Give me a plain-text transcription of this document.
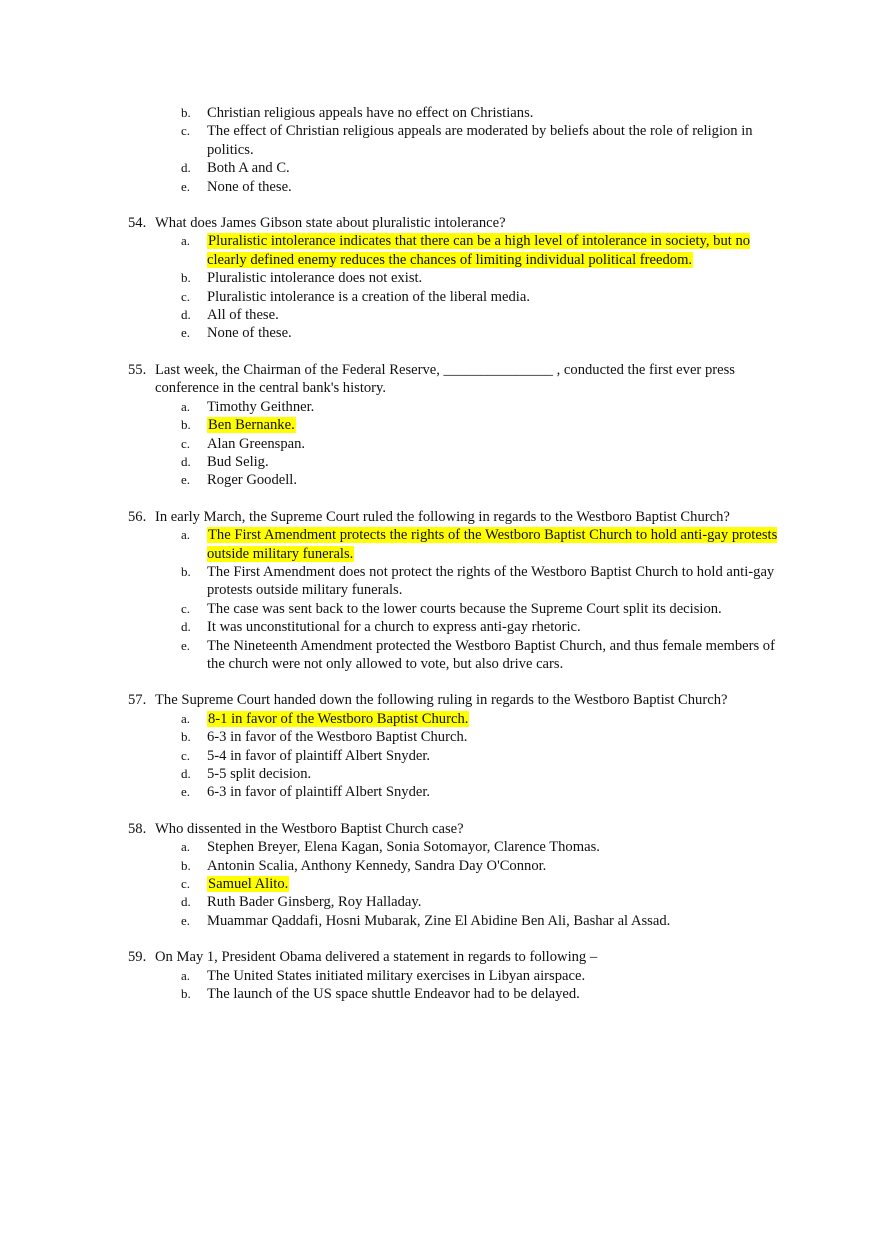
b. Christian religious appeals have no effect on Christians.
c. The effect of Christian religious appeals are moderated by beliefs about the role of religion in politics.
d. Both A and C.
e. None of these.
54. What does James Gibson state about pluralistic intolerance?
a. Pluralistic intolerance indicates that there can be a high level of intolerance in society, but no clearly defined enemy reduces the chances of limiting individual political freedom.
b. Pluralistic intolerance does not exist.
c. Pluralistic intolerance is a creation of the liberal media.
d. All of these.
e. None of these.
55. Last week, the Chairman of the Federal Reserve, _______________ , conducted the first ever press conference in the central bank's history.
a. Timothy Geithner.
b. Ben Bernanke.
c. Alan Greenspan.
d. Bud Selig.
e. Roger Goodell.
56. In early March, the Supreme Court ruled the following in regards to the Westboro Baptist Church?
a. The First Amendment protects the rights of the Westboro Baptist Church to hold anti-gay protests outside military funerals.
b. The First Amendment does not protect the rights of the Westboro Baptist Church to hold anti-gay protests outside military funerals.
c. The case was sent back to the lower courts because the Supreme Court split its decision.
d. It was unconstitutional for a church to express anti-gay rhetoric.
e. The Nineteenth Amendment protected the Westboro Baptist Church, and thus female members of the church were not only allowed to vote, but also drive cars.
57. The Supreme Court handed down the following ruling in regards to the Westboro Baptist Church?
a. 8-1 in favor of the Westboro Baptist Church.
b. 6-3 in favor of the Westboro Baptist Church.
c. 5-4 in favor of plaintiff Albert Snyder.
d. 5-5 split decision.
e. 6-3 in favor of plaintiff Albert Snyder.
58. Who dissented in the Westboro Baptist Church case?
a. Stephen Breyer, Elena Kagan, Sonia Sotomayor, Clarence Thomas.
b. Antonin Scalia, Anthony Kennedy, Sandra Day O'Connor.
c. Samuel Alito.
d. Ruth Bader Ginsberg, Roy Halladay.
e. Muammar Qaddafi, Hosni Mubarak, Zine El Abidine Ben Ali, Bashar al Assad.
59. On May 1, President Obama delivered a statement in regards to following –
a. The United States initiated military exercises in Libyan airspace.
b. The launch of the US space shuttle Endeavor had to be delayed.
